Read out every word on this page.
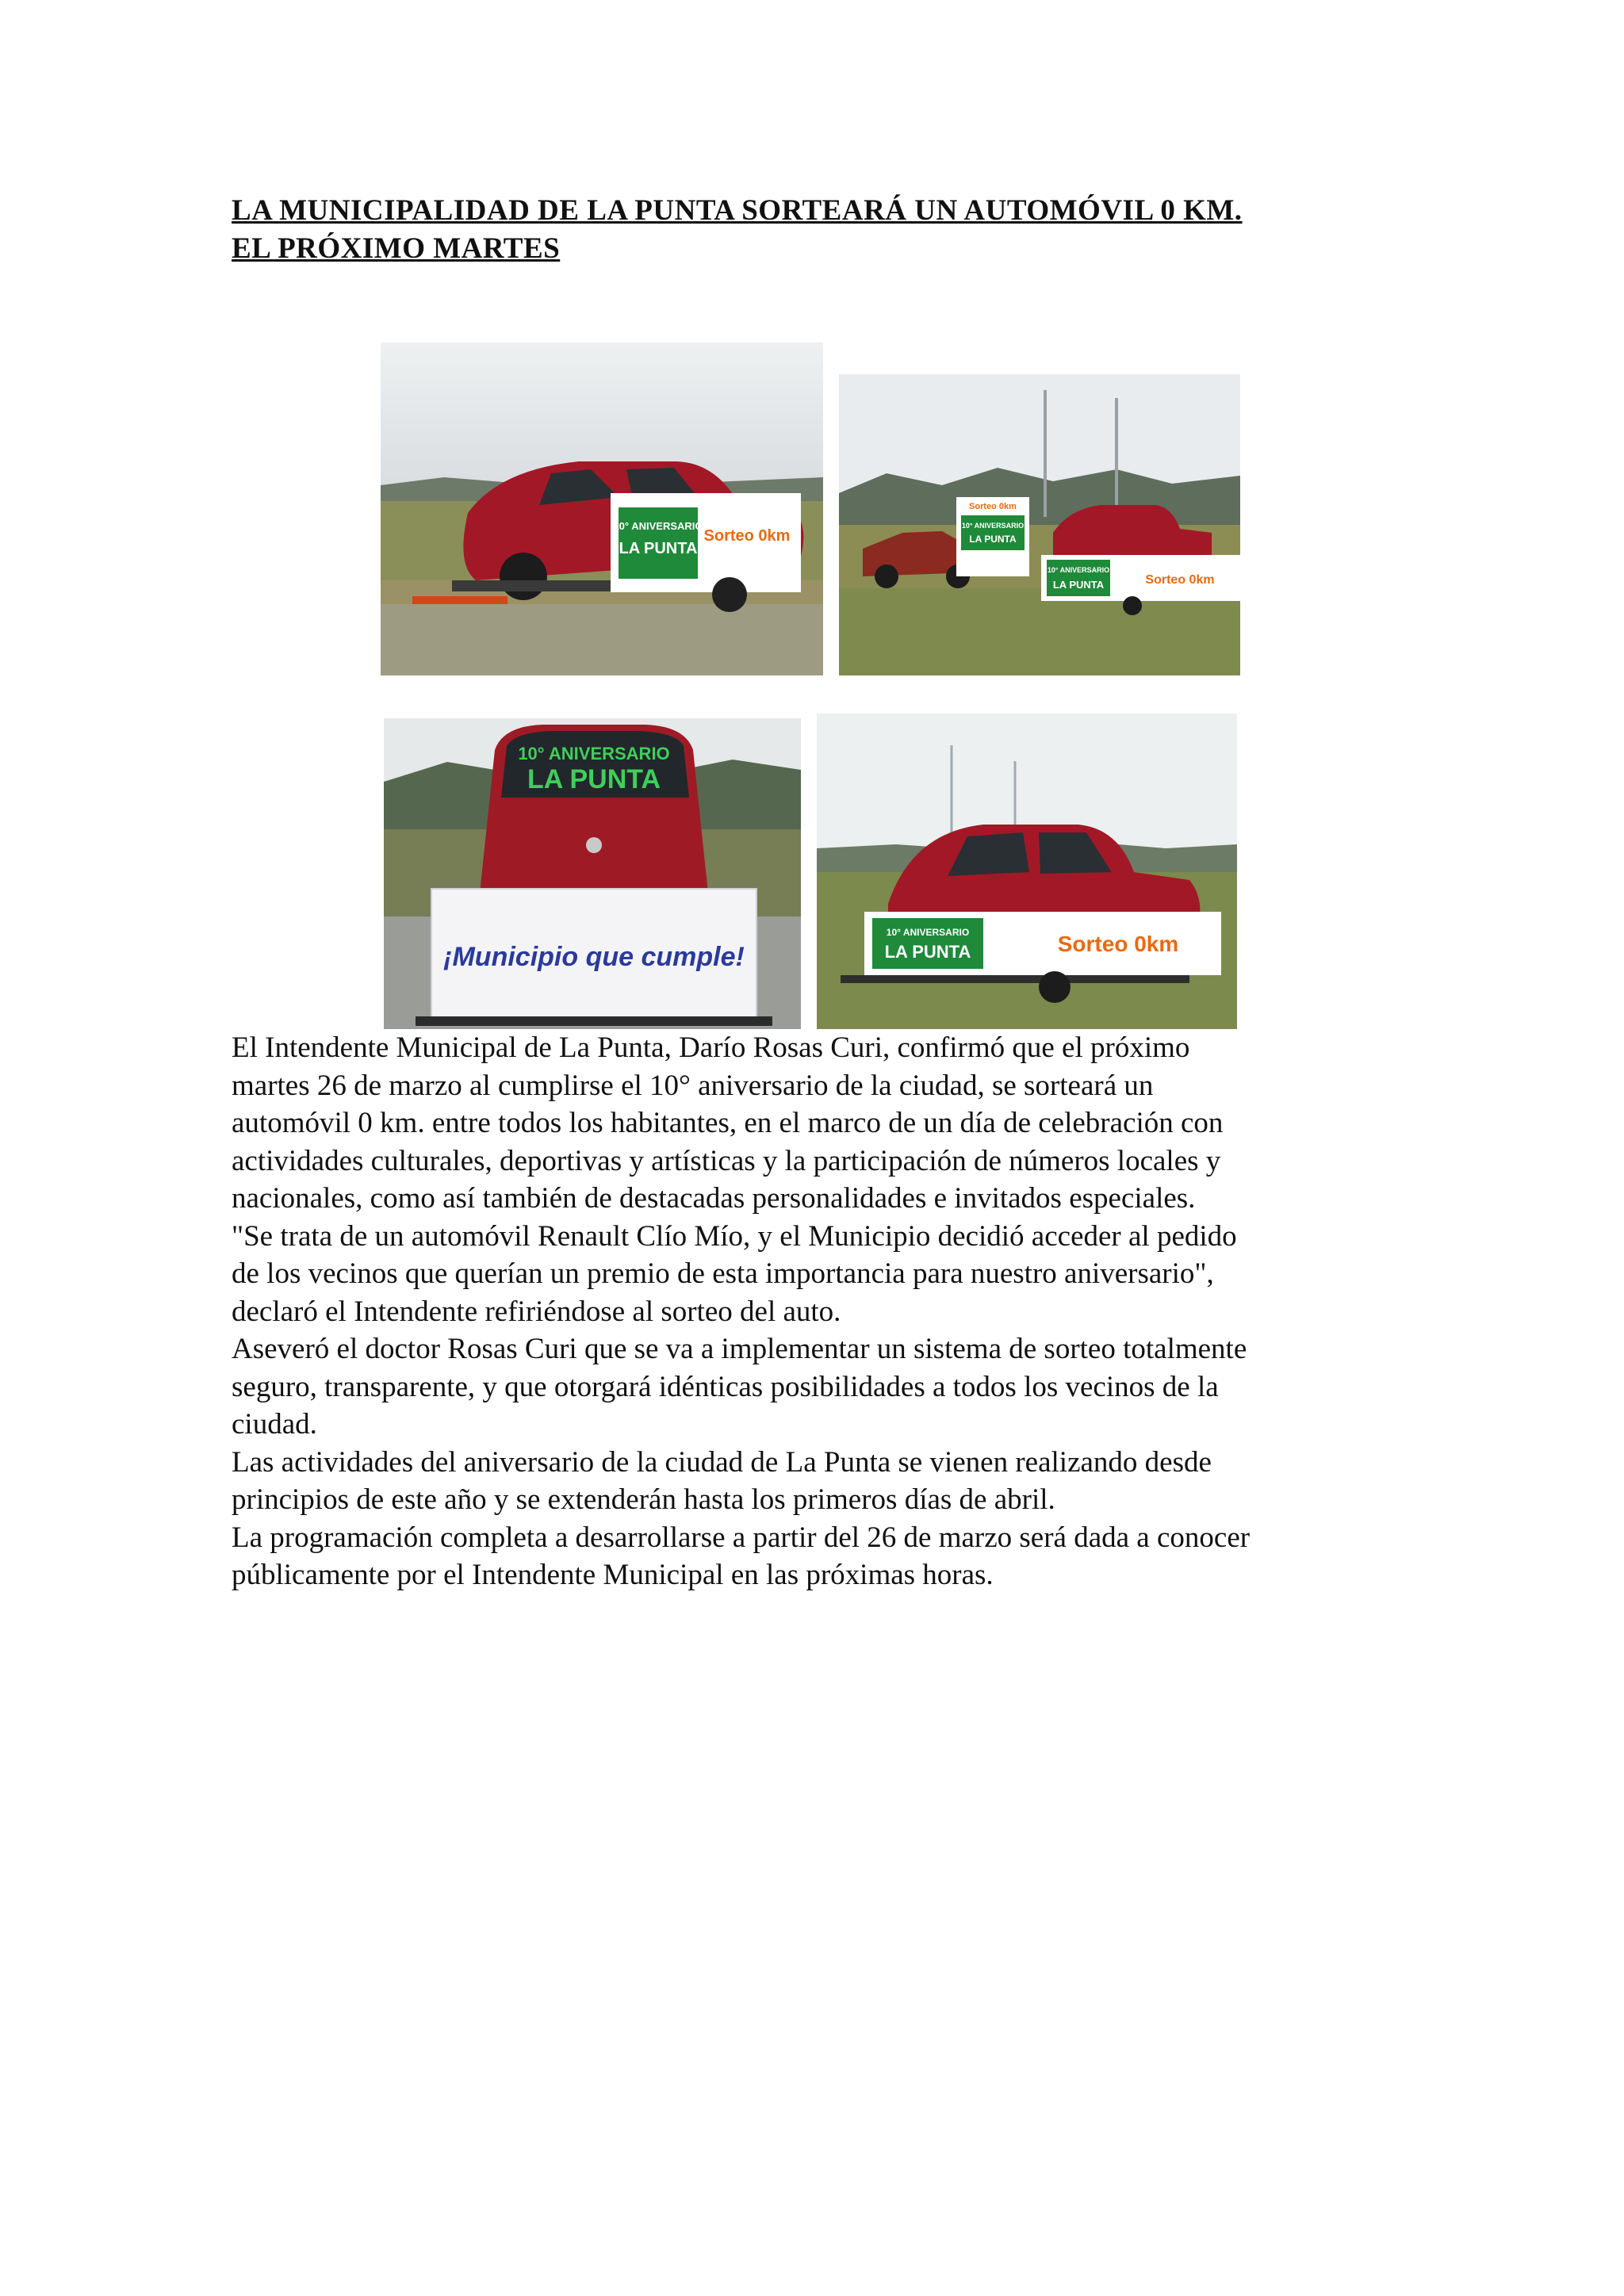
LA MUNICIPALIDAD DE LA PUNTA SORTEARÁ UN AUTOMÓVIL 0 KM.
EL PRÓXIMO MARTES
10° ANIVERSARIO
LA PUNTA
Sorteo 0km
Sorteo 0km
10° ANIVERSARIO
LA PUNTA
10° ANIVERSARIO
LA PUNTA	Sorteo 0km
10° ANIVERSARIO
LA PUNTA
¡Municipio que cumple!
10° ANIVERSARIO
LA PUNTA	Sorteo 0km

El Intendente Municipal de La Punta, Darío Rosas Curi, confirmó que el próximo
martes 26 de marzo al cumplirse el 10° aniversario de la ciudad, se sorteará un
automóvil 0 km. entre todos los habitantes, en el marco de un día de celebración con
actividades culturales, deportivas y artísticas y la participación de números locales y
nacionales, como así también de destacadas personalidades e invitados especiales.
"Se trata de un automóvil Renault Clío Mío, y el Municipio decidió acceder al pedido
de los vecinos que querían un premio de esta importancia para nuestro aniversario",
declaró el Intendente refiriéndose al sorteo del auto.
Aseveró el doctor Rosas Curi que se va a implementar un sistema de sorteo totalmente
seguro, transparente, y que otorgará idénticas posibilidades a todos los vecinos de la
ciudad.
Las actividades del aniversario de la ciudad de La Punta se vienen realizando desde
principios de este año y se extenderán hasta los primeros días de abril.
La programación completa a desarrollarse a partir del 26 de marzo será dada a conocer
públicamente por el Intendente Municipal en las próximas horas.
